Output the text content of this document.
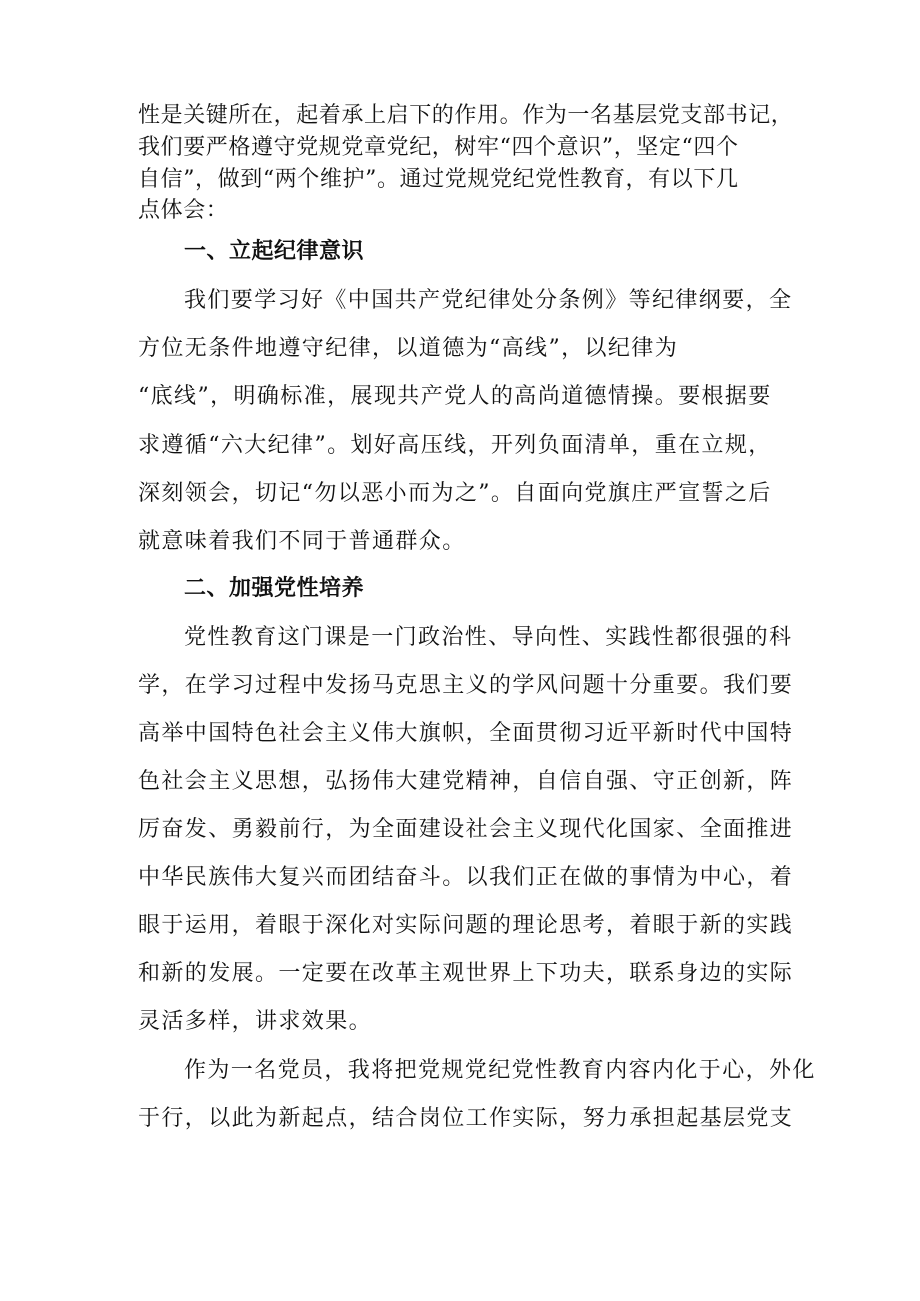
性是关键所在，起着承上启下的作用。作为一名基层党支部书记，

我们要严格遵守党规党章党纪，树牢“四个意识”，坚定“四个

自信”，做到“两个维护”。通过党规党纪党性教育，有以下几

点体会：

一、立起纪律意识

我们要学习好《中国共产党纪律处分条例》等纪律纲要，全

方位无条件地遵守纪律，以道德为“高线”，以纪律为

“底线”，明确标准，展现共产党人的高尚道德情操。要根据要

求遵循“六大纪律”。划好高压线，开列负面清单，重在立规，

深刻领会，切记“勿以恶小而为之”。自面向党旗庄严宣誓之后

就意味着我们不同于普通群众。

二、加强党性培养

党性教育这门课是一门政治性、导向性、实践性都很强的科

学，在学习过程中发扬马克思主义的学风问题十分重要。我们要

高举中国特色社会主义伟大旗帜，全面贯彻习近平新时代中国特

色社会主义思想，弘扬伟大建党精神，自信自强、守正创新，阵

厉奋发、勇毅前行，为全面建设社会主义现代化国家、全面推进

中华民族伟大复兴而团结奋斗。以我们正在做的事情为中心，着

眼于运用，着眼于深化对实际问题的理论思考，着眼于新的实践

和新的发展。一定要在改革主观世界上下功夫，联系身边的实际

灵活多样，讲求效果。

作为一名党员，我将把党规党纪党性教育内容内化于心，外化

于行，以此为新起点，结合岗位工作实际，努力承担起基层党支
